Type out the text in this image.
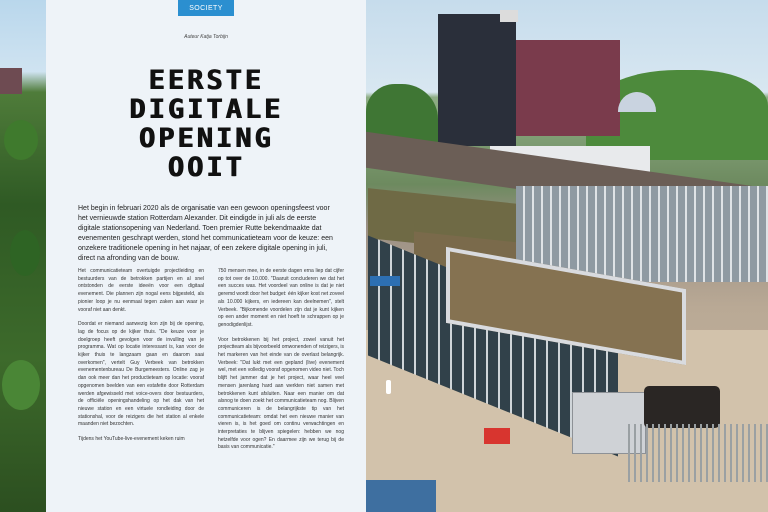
SOCIETY
Auteur Katja Torbijn
EERSTE
DIGITALE
OPENING
OOIT

Het begin in februari 2020 als de organisatie van een gewoon openingsfeest voor het vernieuwde station Rotterdam Alexander. Dit eindigde in juli als de eerste digitale stationsopening van Nederland. Toen premier Rutte bekendmaakte dat evenementen geschrapt werden, stond het communicatieteam voor de keuze: een onzekere traditionele opening in het najaar, of een zekere digitale opening in juli, direct na afronding van de bouw.

Het communicatieteam overtuigde projectleiding en bestuurders van de betrokken partijen en al snel ontstonden de eerste ideeën voor een digitaal evenement. Die plannen zijn nogal eens bijgesteld, als pionier loop je nu eenmaal tegen zaken aan waar je vooraf niet aan denkt.

Doordat er niemand aanwezig kon zijn bij de opening, lag de focus op de kijker thuis. "De keuze voor je doelgroep heeft gevolgen voor de invulling van je programma. Wat op locatie interessant is, kan voor de kijker thuis te langzaam gaan en daarom saai overkomen", vertelt Guy Verbeek van betrokken evenementenbureau De Burgemeesters. Online zag je dan ook meer dan het productieteam op locatie: vooraf opgenomen beelden van een estafette door Rotterdam werden afgewisseld met voice-overs door bestuurders, de officiële openingshandeling op het dak van het nieuwe station en een virtuele rondleiding door de stationshal, voor de reizigers die het station al enkele maanden niet bezochten.

Tijdens het YouTube-live-evenement keken ruim

750 mensen mee, in de eerste dagen erna liep dat cijfer op tot over de 10.000. "Daaruit concluderen we dat het een succes was. Het voordeel van online is dat je niet geremd wordt door het budget: één kijker kost net zoveel als 10.000 kijkers, en iedereen kan deelnemen", stelt Verbeek. "Bijkomende voordelen zijn dat je kunt kijken op een ander moment en niet hoeft te schrappen op je genodigdenlijst.

Voor betrokkenen bij het project, zowel vanuit het projectteam als bijvoorbeeld omwonenden of reizigers, is het markeren van het einde van de overlast belangrijk. Verbeek: "Dat lukt met een gepland (live) evenement wel, met een volledig vooraf opgenomen video niet. Toch blijft het jammer dat je het project, waar heel veel mensen jarenlang hard aan werkten niet samen met betrokkenen kunt afsluiten. Naar een manier om dat alsnog te doen zoekt het communicatieteam nog. Blijven communiceren is de belangrijkste tip van het communicatieteam: omdat het een nieuwe manier van vieren is, is het goed om continu verwachtingen en interpretaties te blijven spiegelen: hebben we nog hetzelfde voor ogen? En daarmee zijn we terug bij de basis van communicatie."
